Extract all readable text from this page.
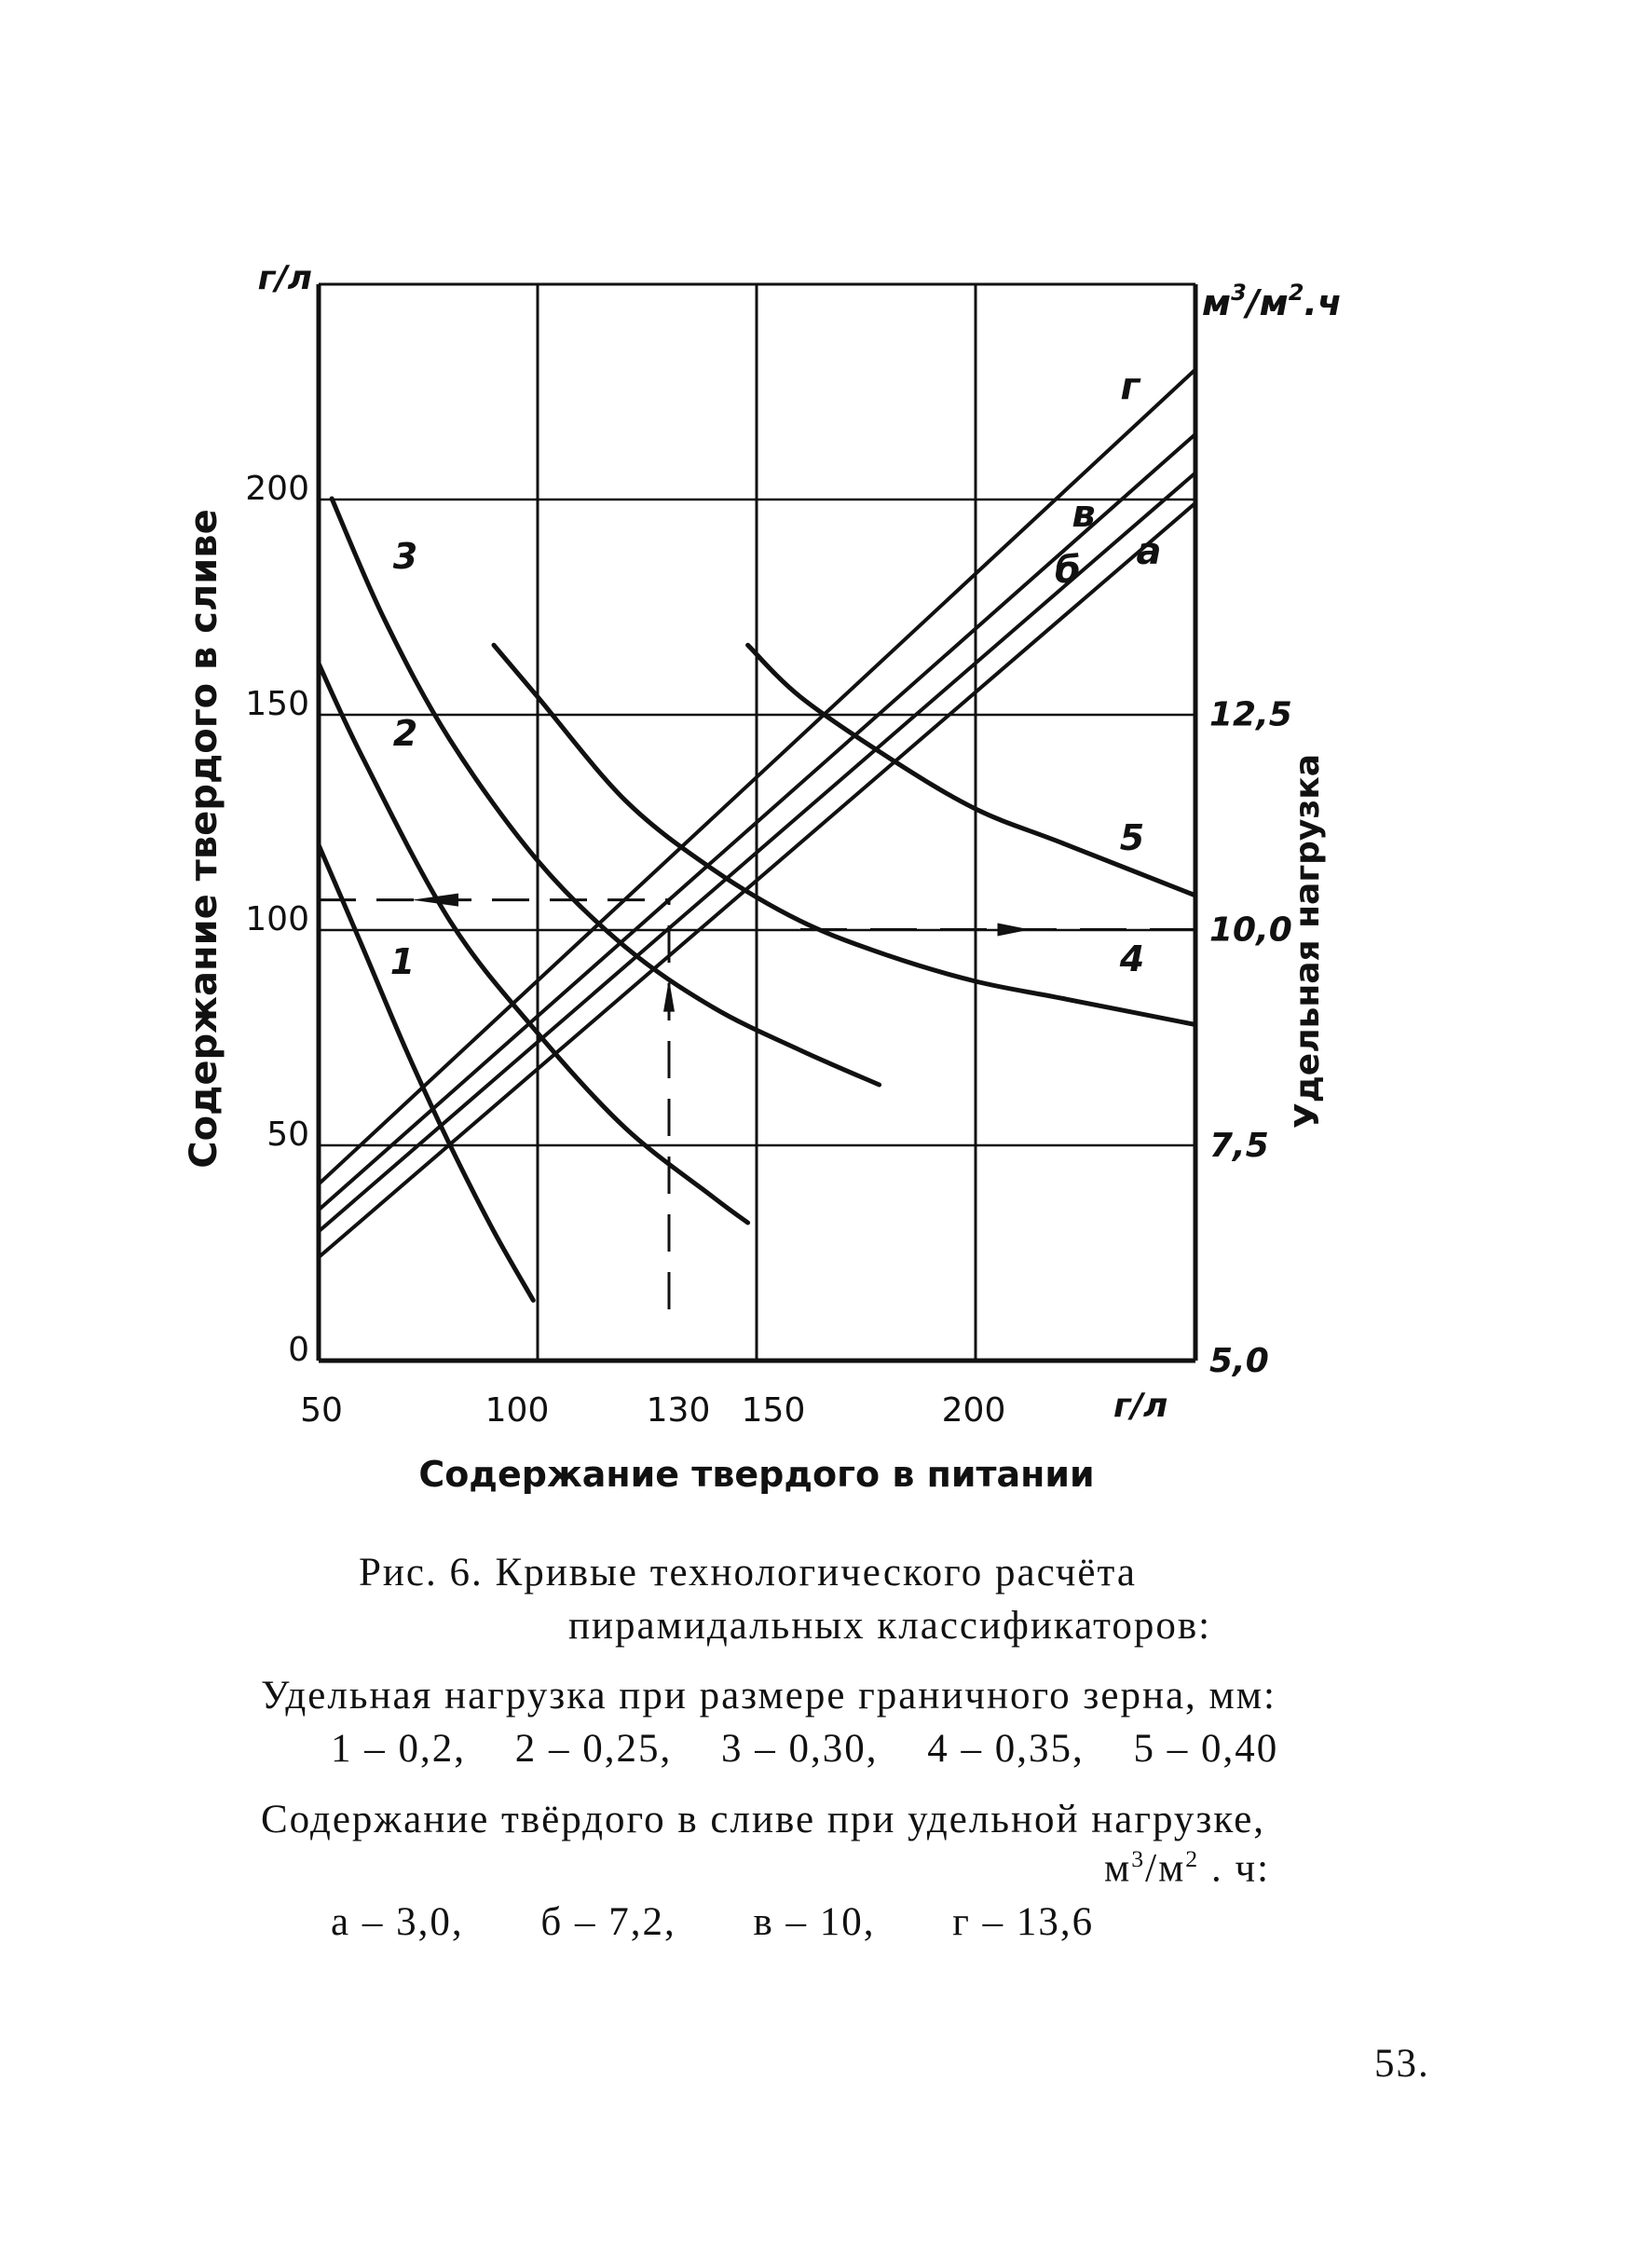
50	100	130 150	200	г/л
Содержание твердого в питании
0
50
100
150
200
г/л
Содержание твердого в сливе
5,0
7,5
10,0
12,5
$м^3/м^2.ч$
Удельная нагрузка
1
2
3
4
5
а
б
в
г
Рис. 6. Кривые технологического расчёта
пирамидальных классификаторов:
Удельная нагрузка при размере граничного зерна, мм:
1 – 0,2, 2 – 0,25, 3 – 0,30, 4 – 0,35, 5 – 0,40
Содержание твёрдого в сливе при удельной нагрузке,
$м^3/м^2$ . ч:
а – 3,0, б – 7,2, в – 10, г – 13,6
53.
